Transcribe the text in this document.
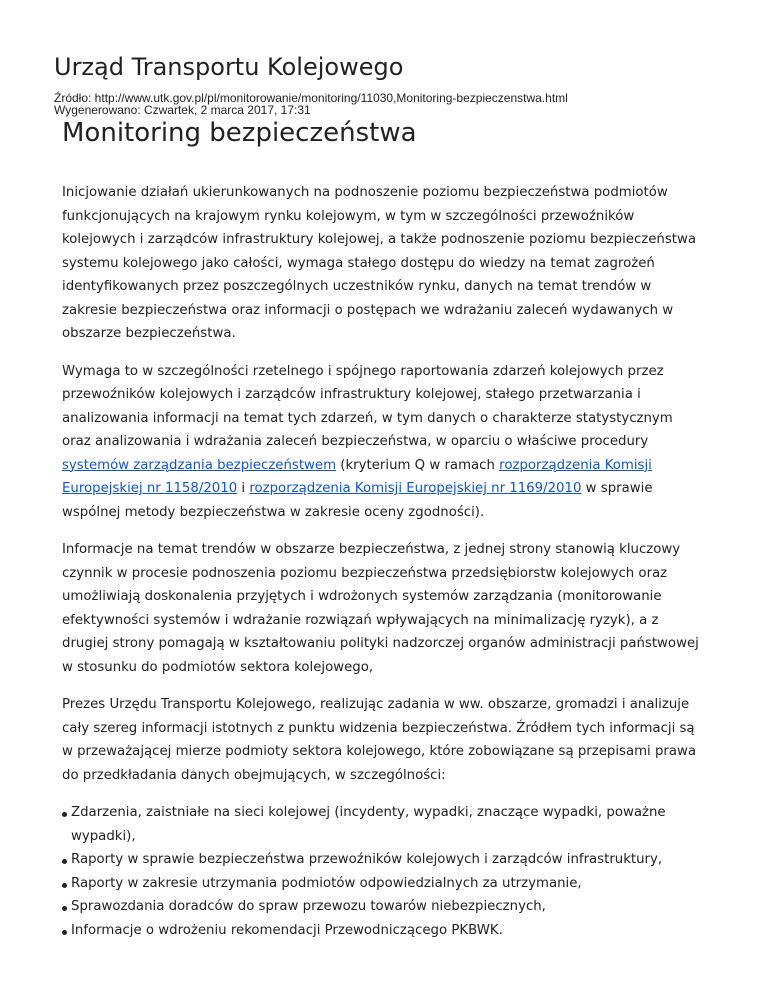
Urząd Transportu Kolejowego
Źródło: http://www.utk.gov.pl/pl/monitorowanie/monitoring/11030,Monitoring-bezpieczenstwa.html
Wygenerowano: Czwartek, 2 marca 2017, 17:31
Monitoring bezpieczeństwa

Inicjowanie działań ukierunkowanych na podnoszenie poziomu bezpieczeństwa podmiotów funkcjonujących na krajowym rynku kolejowym, w tym w szczególności przewoźników kolejowych i zarządców infrastruktury kolejowej, a także podnoszenie poziomu bezpieczeństwa systemu kolejowego jako całości, wymaga stałego dostępu do wiedzy na temat zagrożeń identyfikowanych przez poszczególnych uczestników rynku, danych na temat trendów w zakresie bezpieczeństwa oraz informacji o postępach we wdrażaniu zaleceń wydawanych w obszarze bezpieczeństwa.

Wymaga to w szczególności rzetelnego i spójnego raportowania zdarzeń kolejowych przez przewoźników kolejowych i zarządców infrastruktury kolejowej, stałego przetwarzania i analizowania informacji na temat tych zdarzeń, w tym danych o charakterze statystycznym oraz analizowania i wdrażania zaleceń bezpieczeństwa, w oparciu o właściwe procedury systemów zarządzania bezpieczeństwem (kryterium Q w ramach rozporządzenia Komisji Europejskiej nr 1158/2010 i rozporządzenia Komisji Europejskiej nr 1169/2010 w sprawie wspólnej metody bezpieczeństwa w zakresie oceny zgodności).

Informacje na temat trendów w obszarze bezpieczeństwa, z jednej strony stanowią kluczowy czynnik w procesie podnoszenia poziomu bezpieczeństwa przedsiębiorstw kolejowych oraz umożliwiają doskonalenia przyjętych i wdrożonych systemów zarządzania (monitorowanie efektywności systemów i wdrażanie rozwiązań wpływających na minimalizację ryzyk), a z drugiej strony pomagają w kształtowaniu polityki nadzorczej organów administracji państwowej w stosunku do podmiotów sektora kolejowego,

Prezes Urzędu Transportu Kolejowego, realizując zadania w ww. obszarze, gromadzi i analizuje cały szereg informacji istotnych z punktu widzenia bezpieczeństwa. Źródłem tych informacji są w przeważającej mierze podmioty sektora kolejowego, które zobowiązane są przepisami prawa do przedkładania danych obejmujących, w szczególności:

Zdarzenia, zaistniałe na sieci kolejowej (incydenty, wypadki, znaczące wypadki, poważne wypadki),
Raporty w sprawie bezpieczeństwa przewoźników kolejowych i zarządców infrastruktury,
Raporty w zakresie utrzymania podmiotów odpowiedzialnych za utrzymanie,
Sprawozdania doradców do spraw przewozu towarów niebezpiecznych,
Informacje o wdrożeniu rekomendacji Przewodniczącego PKBWK.
